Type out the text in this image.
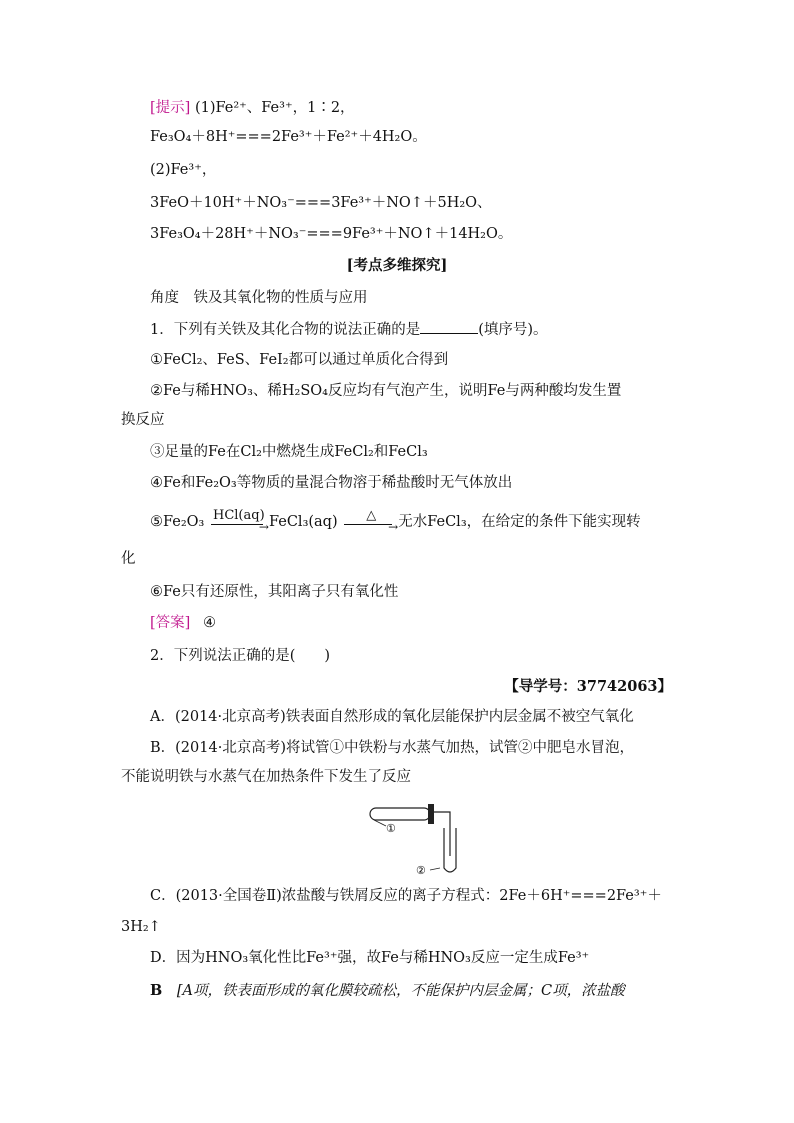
[提示] (1)Fe²⁺、Fe³⁺，1∶2，
Fe₃O₄＋8H⁺===2Fe³⁺＋Fe²⁺＋4H₂O。
(2)Fe³⁺，
3FeO＋10H⁺＋NO₃⁻===3Fe³⁺＋NO↑＋5H₂O、
3Fe₃O₄＋28H⁺＋NO₃⁻===9Fe³⁺＋NO↑＋14H₂O。
[考点多维探究]
角度　铁及其氧化物的性质与应用
1．下列有关铁及其化合物的说法正确的是	(填序号)。
①FeCl₂、FeS、FeI₂都可以通过单质化合得到
②Fe与稀HNO₃、稀H₂SO₄反应均有气泡产生，说明Fe与两种酸均发生置
换反应
③足量的Fe在Cl₂中燃烧生成FeCl₂和FeCl₃
④Fe和Fe₂O₃等物质的量混合物溶于稀盐酸时无气体放出
⑤Fe₂O₃ HCl(aq)
→ FeCl₃(aq) △
→ 无水FeCl₃，在给定的条件下能实现转
化
⑥Fe只有还原性，其阳离子只有氧化性
[答案] ④
2．下列说法正确的是(　　)
【导学号：37742063】
A．(2014·北京高考)铁表面自然形成的氧化层能保护内层金属不被空气氧化
B．(2014·北京高考)将试管①中铁粉与水蒸气加热，试管②中肥皂水冒泡，
不能说明铁与水蒸气在加热条件下发生了反应
①
②
C．(2013·全国卷Ⅱ)浓盐酸与铁屑反应的离子方程式：2Fe＋6H⁺===2Fe³⁺＋
3H₂↑
D．因为HNO₃氧化性比Fe³⁺强，故Fe与稀HNO₃反应一定生成Fe³⁺
B [A项，铁表面形成的氧化膜较疏松，不能保护内层金属；C项，浓盐酸
